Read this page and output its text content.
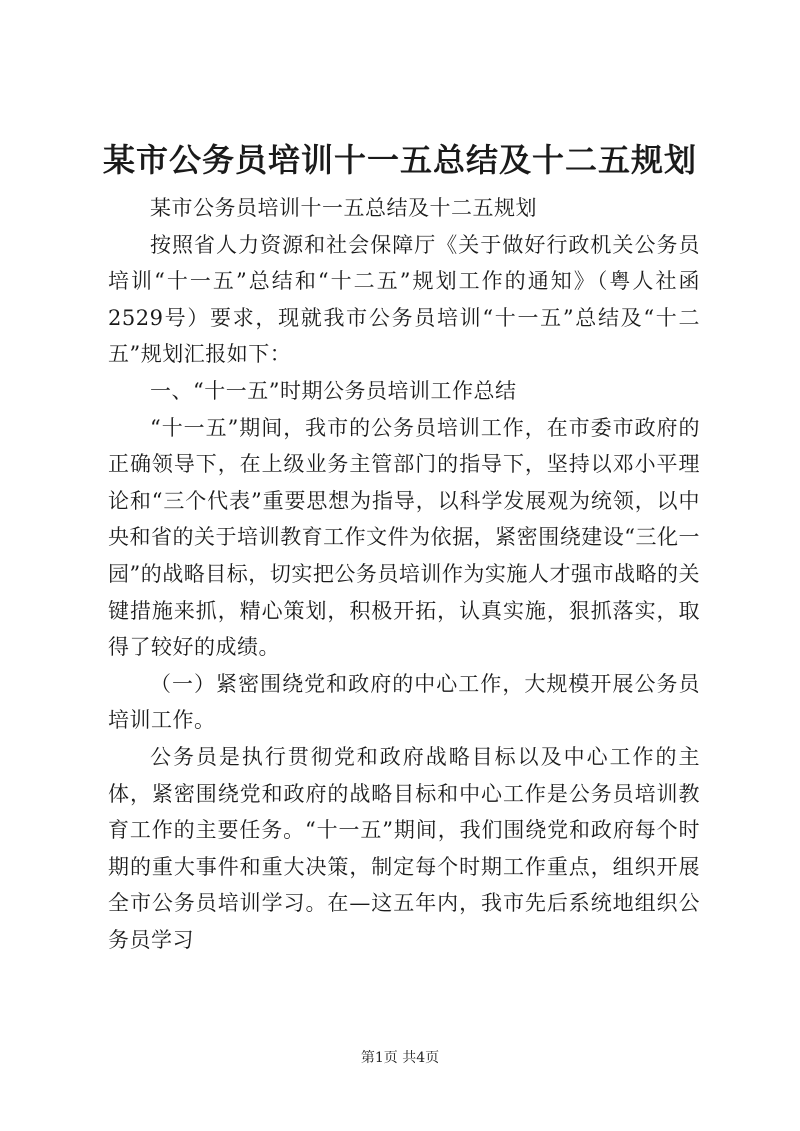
某市公务员培训十一五总结及十二五规划

某市公务员培训十一五总结及十二五规划

按照省人力资源和社会保障厅《关于做好行政机关公务员培训“十一五”总结和“十二五”规划工作的通知》（粤人社函2529号）要求，现就我市公务员培训“十一五”总结及“十二五”规划汇报如下：

一、“十一五”时期公务员培训工作总结

“十一五”期间，我市的公务员培训工作，在市委市政府的正确领导下，在上级业务主管部门的指导下，坚持以邓小平理论和“三个代表”重要思想为指导，以科学发展观为统领，以中央和省的关于培训教育工作文件为依据，紧密围绕建设“三化一园”的战略目标，切实把公务员培训作为实施人才强市战略的关键措施来抓，精心策划，积极开拓，认真实施，狠抓落实，取得了较好的成绩。

（一）紧密围绕党和政府的中心工作，大规模开展公务员培训工作。

公务员是执行贯彻党和政府战略目标以及中心工作的主体，紧密围绕党和政府的战略目标和中心工作是公务员培训教育工作的主要任务。“十一五”期间，我们围绕党和政府每个时期的重大事件和重大决策，制定每个时期工作重点，组织开展全市公务员培训学习。在—这五年内，我市先后系统地组织公务员学习

第1页 共4页
